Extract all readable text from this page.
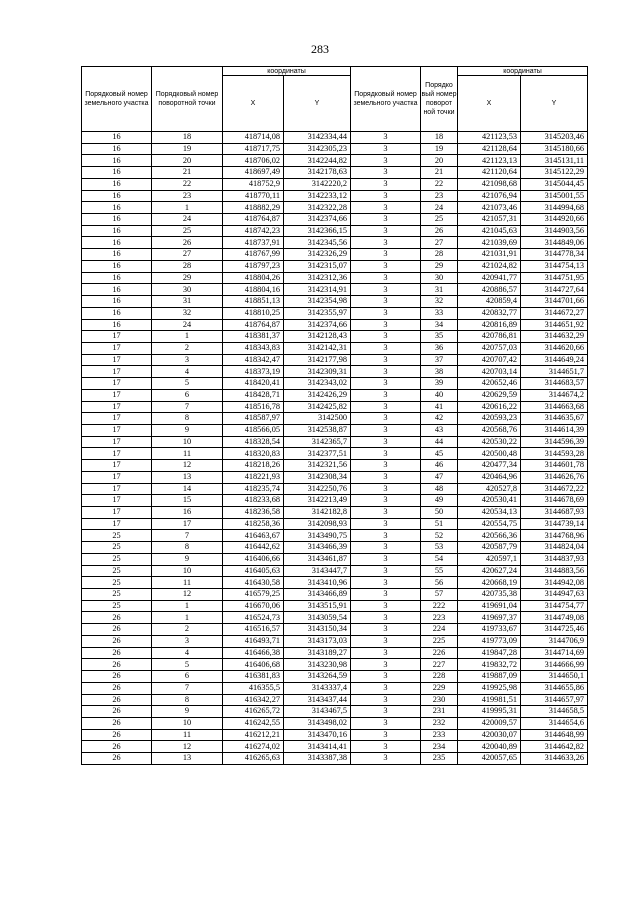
283
Порядковый номер земельного участка	Порядковый номер поворотной точки	координаты		Порядковый номер земельного участка	Порядко вый номер поворот ной точки	координаты	
		X	Y			X	Y
16	18	418714,08	3142334,44	3	18	421123,53	3145203,46
16	19	418717,75	3142305,23	3	19	421128,64	3145180,66
16	20	418706,02	3142244,82	3	20	421123,13	3145131,11
16	21	418697,49	3142178,63	3	21	421120,64	3145122,29
16	22	418752,9	3142220,2	3	22	421098,68	3145044,45
16	23	418770,11	3142233,12	3	23	421076,94	3145001,55
16	1	418882,29	3142322,28	3	24	421073,46	3144994,68
16	24	418764,87	3142374,66	3	25	421057,31	3144920,66
16	25	418742,23	3142366,15	3	26	421045,63	3144903,56
16	26	418737,91	3142345,56	3	27	421039,69	3144849,06
16	27	418767,99	3142326,29	3	28	421031,91	3144778,34
16	28	418797,23	3142315,07	3	29	421024,82	3144754,13
16	29	418804,26	3142312,36	3	30	420941,77	3144751,95
16	30	418804,16	3142314,91	3	31	420886,57	3144727,64
16	31	418851,13	3142354,98	3	32	420859,4	3144701,66
16	32	418810,25	3142355,97	3	33	420832,77	3144672,27
16	24	418764,87	3142374,66	3	34	420816,89	3144651,92
17	1	418381,37	3142128,43	3	35	420786,81	3144632,29
17	2	418343,83	3142142,31	3	36	420757,03	3144620,66
17	3	418342,47	3142177,98	3	37	420707,42	3144649,24
17	4	418373,19	3142309,31	3	38	420703,14	3144651,7
17	5	418420,41	3142343,02	3	39	420652,46	3144683,57
17	6	418428,71	3142426,29	3	40	420629,59	3144674,2
17	7	418516,78	3142425,82	3	41	420616,22	3144663,68
17	8	418587,97	3142500	3	42	420593,23	3144635,67
17	9	418566,05	3142538,87	3	43	420568,76	3144614,39
17	10	418328,54	3142365,7	3	44	420530,22	3144596,39
17	11	418320,83	3142377,51	3	45	420500,48	3144593,28
17	12	418218,26	3142321,56	3	46	420477,34	3144601,78
17	13	418221,93	3142308,34	3	47	420464,96	3144626,76
17	14	418235,74	3142250,76	3	48	420527,8	3144672,22
17	15	418233,68	3142213,49	3	49	420530,41	3144678,69
17	16	418236,58	3142182,8	3	50	420534,13	3144687,93
17	17	418258,36	3142098,93	3	51	420554,75	3144739,14
25	7	416463,67	3143490,75	3	52	420566,36	3144768,96
25	8	416442,62	3143466,39	3	53	420587,79	3144824,04
25	9	416406,66	3143461,87	3	54	420597,1	3144837,93
25	10	416405,63	3143447,7	3	55	420627,24	3144883,56
25	11	416430,58	3143410,96	3	56	420668,19	3144942,08
25	12	416579,25	3143466,89	3	57	420735,38	3144947,63
25	1	416670,06	3143515,91	3	222	419691,04	3144754,77
26	1	416524,73	3143059,54	3	223	419697,37	3144749,08
26	2	416516,57	3143150,34	3	224	419733,67	3144725,46
26	3	416493,71	3143173,03	3	225	419773,09	3144706,9
26	4	416466,38	3143189,27	3	226	419847,28	3144714,69
26	5	416406,68	3143230,98	3	227	419832,72	3144666,99
26	6	416381,83	3143264,59	3	228	419887,09	3144650,1
26	7	416355,5	3143337,4	3	229	419925,98	3144655,86
26	8	416342,27	3143437,44	3	230	419981,51	3144657,97
26	9	416265,72	3143467,5	3	231	419995,31	3144658,5
26	10	416242,55	3143498,02	3	232	420009,57	3144654,6
26	11	416212,21	3143470,16	3	233	420030,07	3144648,99
26	12	416274,02	3143414,41	3	234	420040,89	3144642,82
26	13	416265,63	3143387,38	3	235	420057,65	3144633,26
